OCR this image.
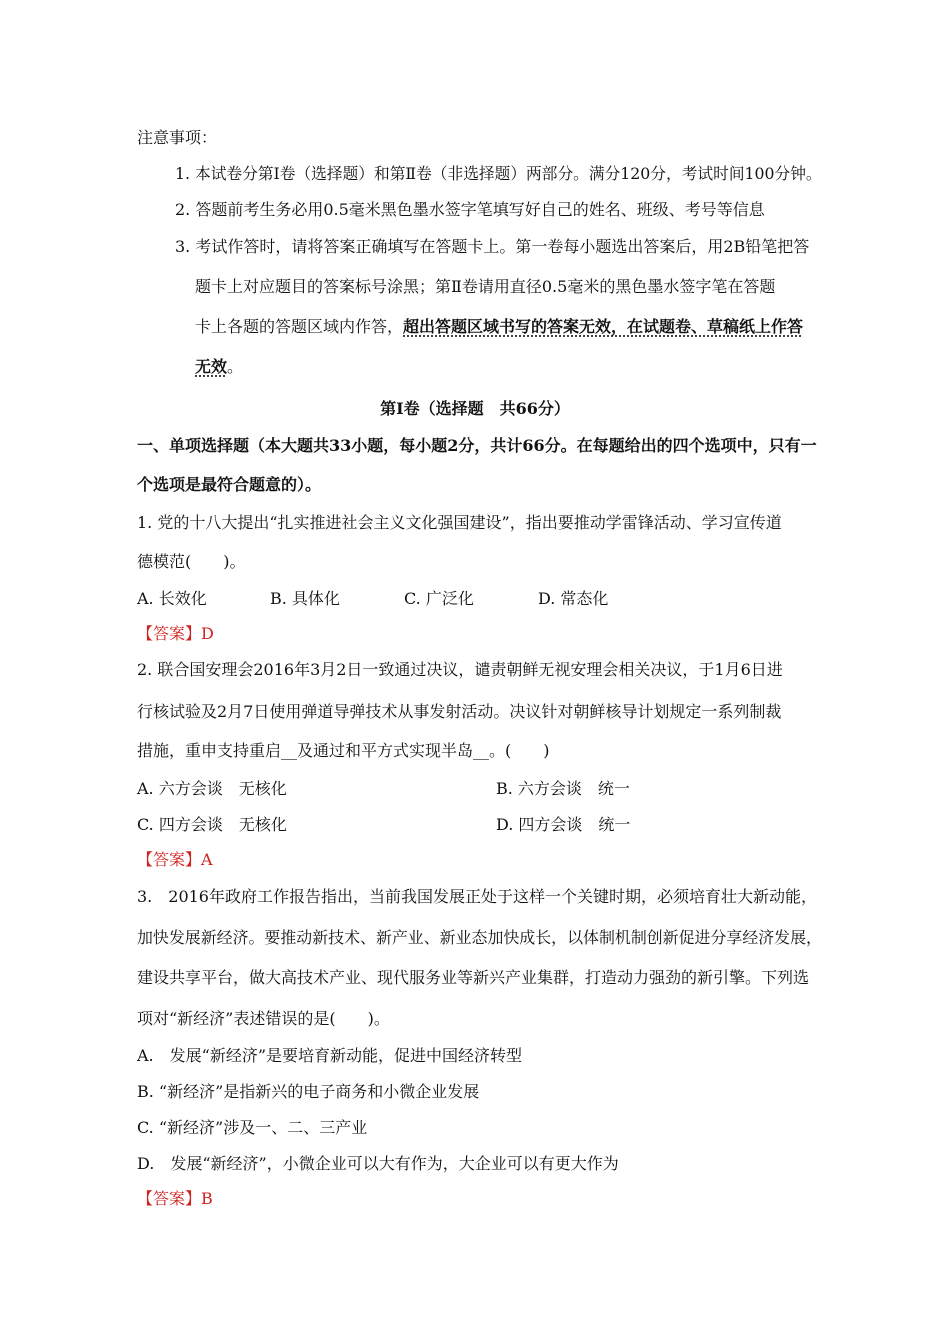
注意事项：
1. 本试卷分第Ⅰ卷（选择题）和第Ⅱ卷（非选择题）两部分。满分120分，考试时间100分钟。
2. 答题前考生务必用0.5毫米黑色墨水签字笔填写好自己的姓名、班级、考号等信息
3. 考试作答时，请将答案正确填写在答题卡上。第一卷每小题选出答案后，用2B铅笔把答
题卡上对应题目的答案标号涂黑；第Ⅱ卷请用直径0.5毫米的黑色墨水签字笔在答题
卡上各题的答题区域内作答，超出答题区域书写的答案无效，在试题卷、草稿纸上作答
无效。
第Ⅰ卷（选择题　共66分）
一、单项选择题（本大题共33小题，每小题2分，共计66分。在每题给出的四个选项中，只有一
个选项是最符合题意的）。
1. 党的十八大提出“扎实推进社会主义文化强国建设”，指出要推动学雷锋活动、学习宣传道
德模范(　　)。
A. 长效化	B. 具体化	C. 广泛化	D. 常态化
【答案】D
2. 联合国安理会2016年3月2日一致通过决议，谴责朝鲜无视安理会相关决议，于1月6日进
行核试验及2月7日使用弹道导弹技术从事发射活动。决议针对朝鲜核导计划规定一系列制裁
措施，重申支持重启__及通过和平方式实现半岛__。(　　)
A. 六方会谈　无核化	B. 六方会谈　统一
C. 四方会谈　无核化	D. 四方会谈　统一
【答案】A
3.　2016年政府工作报告指出，当前我国发展正处于这样一个关键时期，必须培育壮大新动能，
加快发展新经济。要推动新技术、新产业、新业态加快成长，以体制机制创新促进分享经济发展，
建设共享平台，做大高技术产业、现代服务业等新兴产业集群，打造动力强劲的新引擎。下列选
项对“新经济”表述错误的是(　　)。
A.　发展“新经济”是要培育新动能，促进中国经济转型
B. “新经济”是指新兴的电子商务和小微企业发展
C. “新经济”涉及一、二、三产业
D.　发展“新经济”，小微企业可以大有作为，大企业可以有更大作为
【答案】B
